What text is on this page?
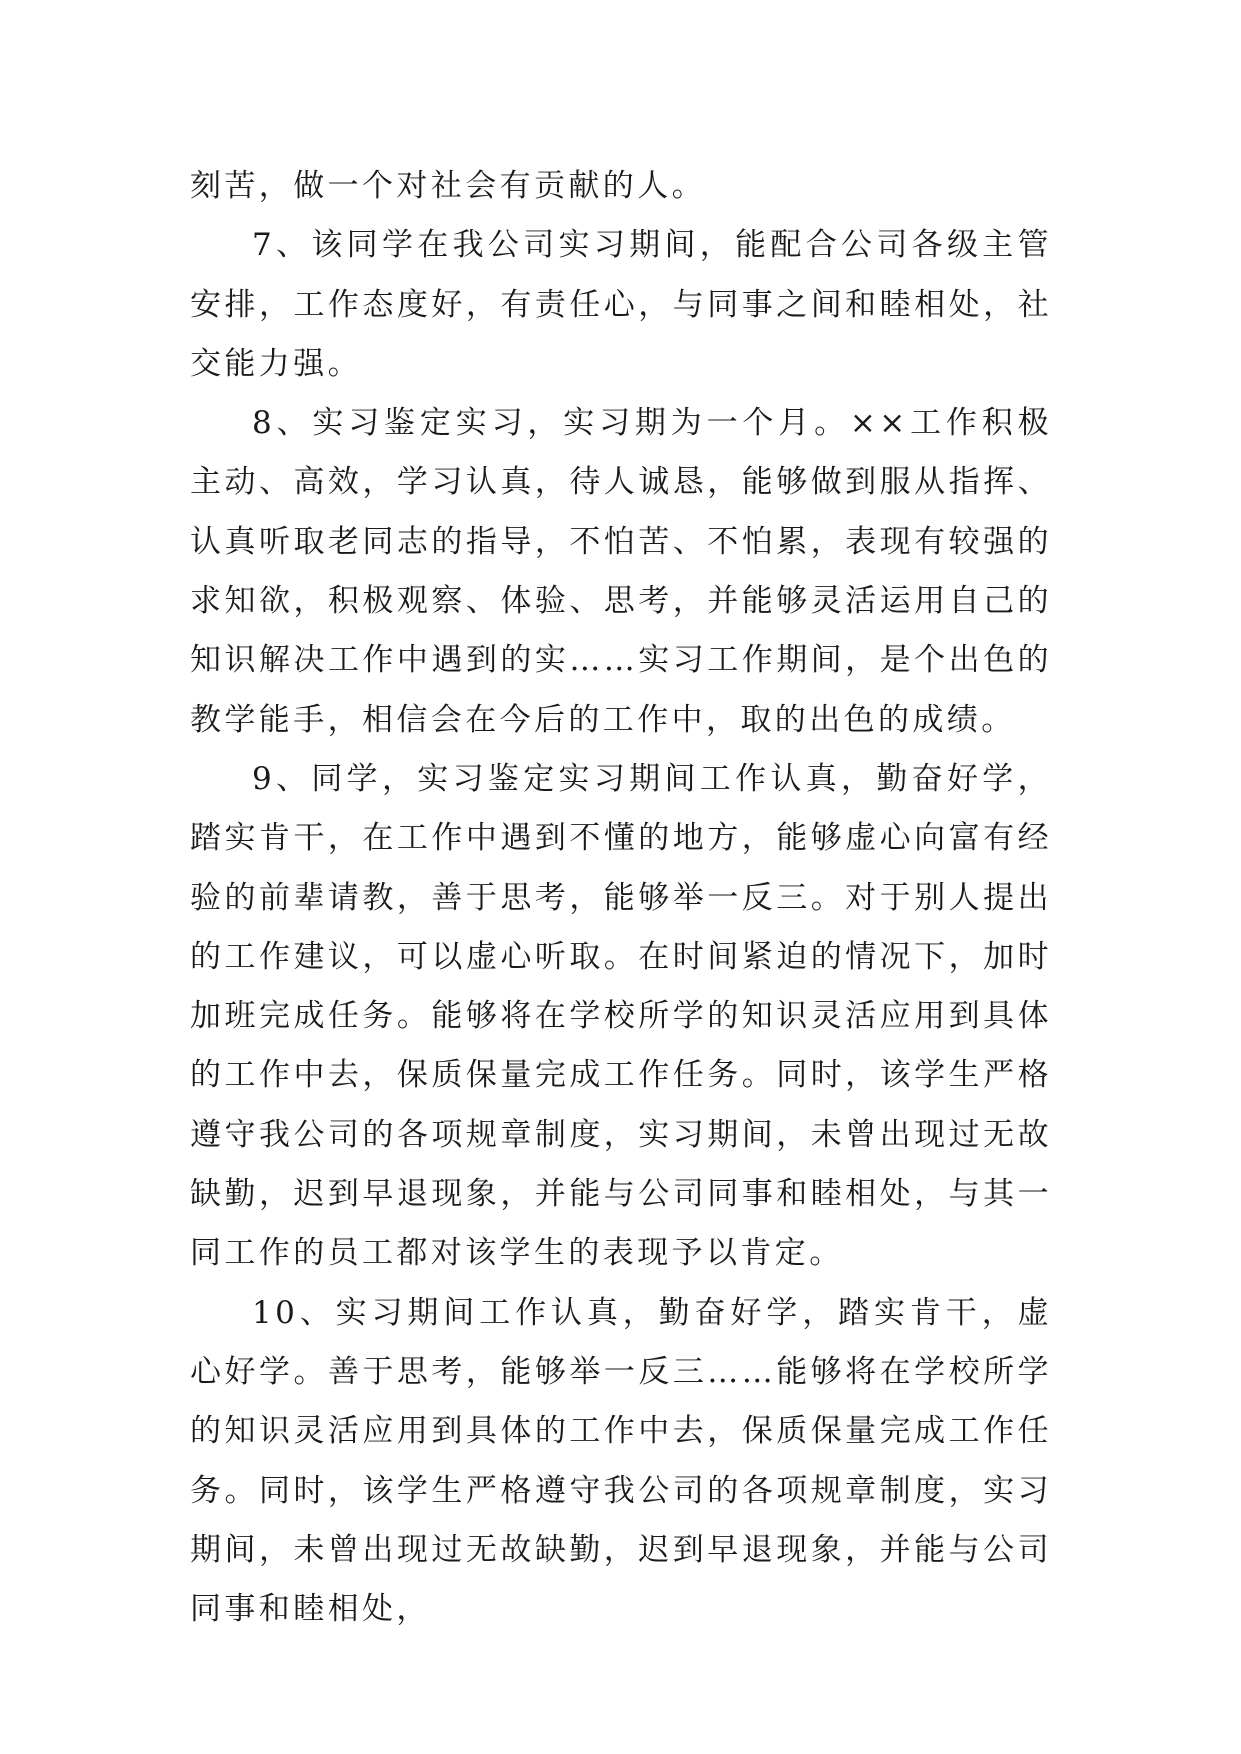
刻苦，做一个对社会有贡献的人。

7、该同学在我公司实习期间，能配合公司各级主管安排，工作态度好，有责任心，与同事之间和睦相处，社交能力强。

8、实习鉴定实习，实习期为一个月。××工作积极主动、高效，学习认真，待人诚恳，能够做到服从指挥、认真听取老同志的指导，不怕苦、不怕累，表现有较强的求知欲，积极观察、体验、思考，并能够灵活运用自己的知识解决工作中遇到的实……实习工作期间，是个出色的教学能手，相信会在今后的工作中，取的出色的成绩。

9、同学，实习鉴定实习期间工作认真，勤奋好学，踏实肯干，在工作中遇到不懂的地方，能够虚心向富有经验的前辈请教，善于思考，能够举一反三。对于别人提出的工作建议，可以虚心听取。在时间紧迫的情况下，加时加班完成任务。能够将在学校所学的知识灵活应用到具体的工作中去，保质保量完成工作任务。同时，该学生严格遵守我公司的各项规章制度，实习期间，未曾出现过无故缺勤，迟到早退现象，并能与公司同事和睦相处，与其一同工作的员工都对该学生的表现予以肯定。

10、实习期间工作认真，勤奋好学，踏实肯干，虚心好学。善于思考，能够举一反三……能够将在学校所学的知识灵活应用到具体的工作中去，保质保量完成工作任务。同时，该学生严格遵守我公司的各项规章制度，实习期间，未曾出现过无故缺勤，迟到早退现象，并能与公司同事和睦相处，
